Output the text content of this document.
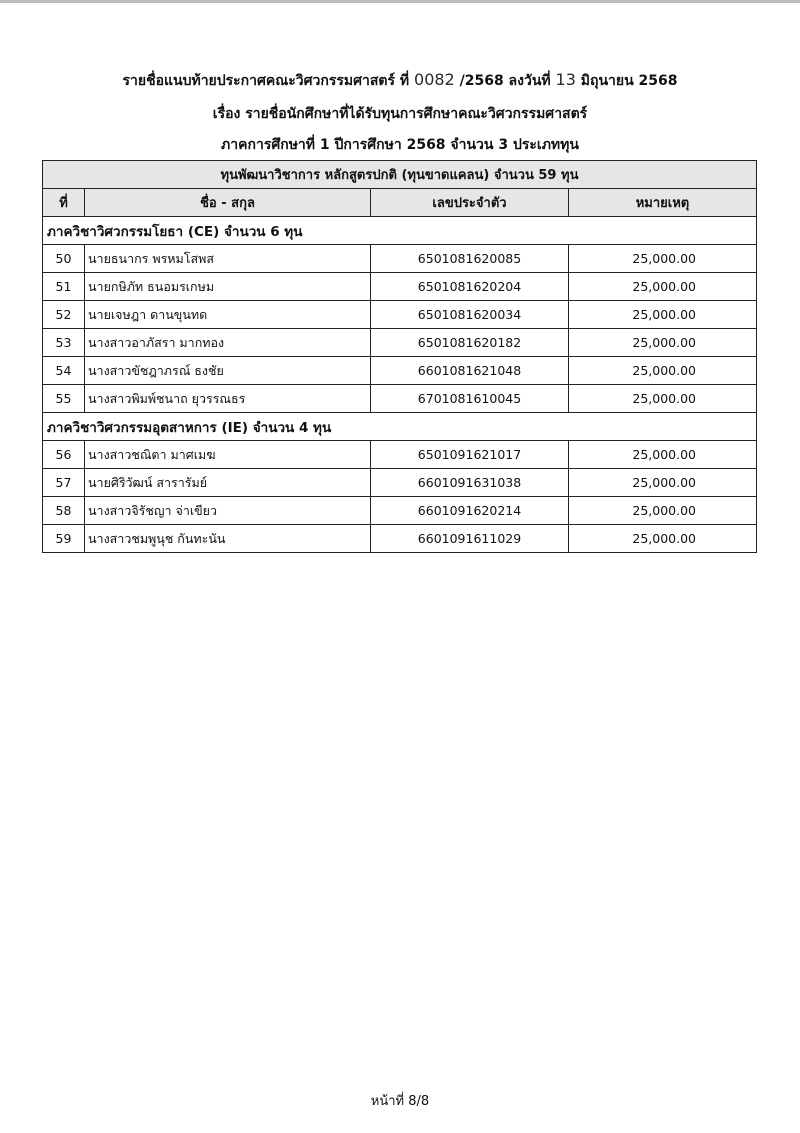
รายชื่อแนบท้ายประกาศคณะวิศวกรรมศาสตร์ ที่ 0082 /2568 ลงวันที่ 13 มิถุนายน 2568
เรื่อง รายชื่อนักศึกษาที่ได้รับทุนการศึกษาคณะวิศวกรรมศาสตร์
ภาคการศึกษาที่ 1 ปีการศึกษา 2568 จำนวน 3 ประเภททุน
ทุนพัฒนาวิชาการ หลักสูตรปกติ (ทุนขาดแคลน) จำนวน 59 ทุน			
ที่	ชื่อ - สกุล	เลขประจำตัว	หมายเหตุ
ภาควิชาวิศวกรรมโยธา (CE) จำนวน 6 ทุน			
50	นายธนากร พรหมโสพส	6501081620085	25,000.00
51	นายกษิภัท ธนอมรเกษม	6501081620204	25,000.00
52	นายเจษฎา ดานขุนทด	6501081620034	25,000.00
53	นางสาวอาภัสรา มากทอง	6501081620182	25,000.00
54	นางสาวขัชฎาภรณ์ ธงชัย	6601081621048	25,000.00
55	นางสาวพิมพ์ชนาถ ยุวรรณธร	6701081610045	25,000.00
ภาควิชาวิศวกรรมอุตสาหการ (IE) จำนวน 4 ทุน			
56	นางสาวชณิตา มาศเมฆ	6501091621017	25,000.00
57	นายศิริวัฒน์ สารารัมย์	6601091631038	25,000.00
58	นางสาวจิรัชญา จ่าเขียว	6601091620214	25,000.00
59	นางสาวชมพูนุช กันทะนัน	6601091611029	25,000.00
หน้าที่ 8/8
